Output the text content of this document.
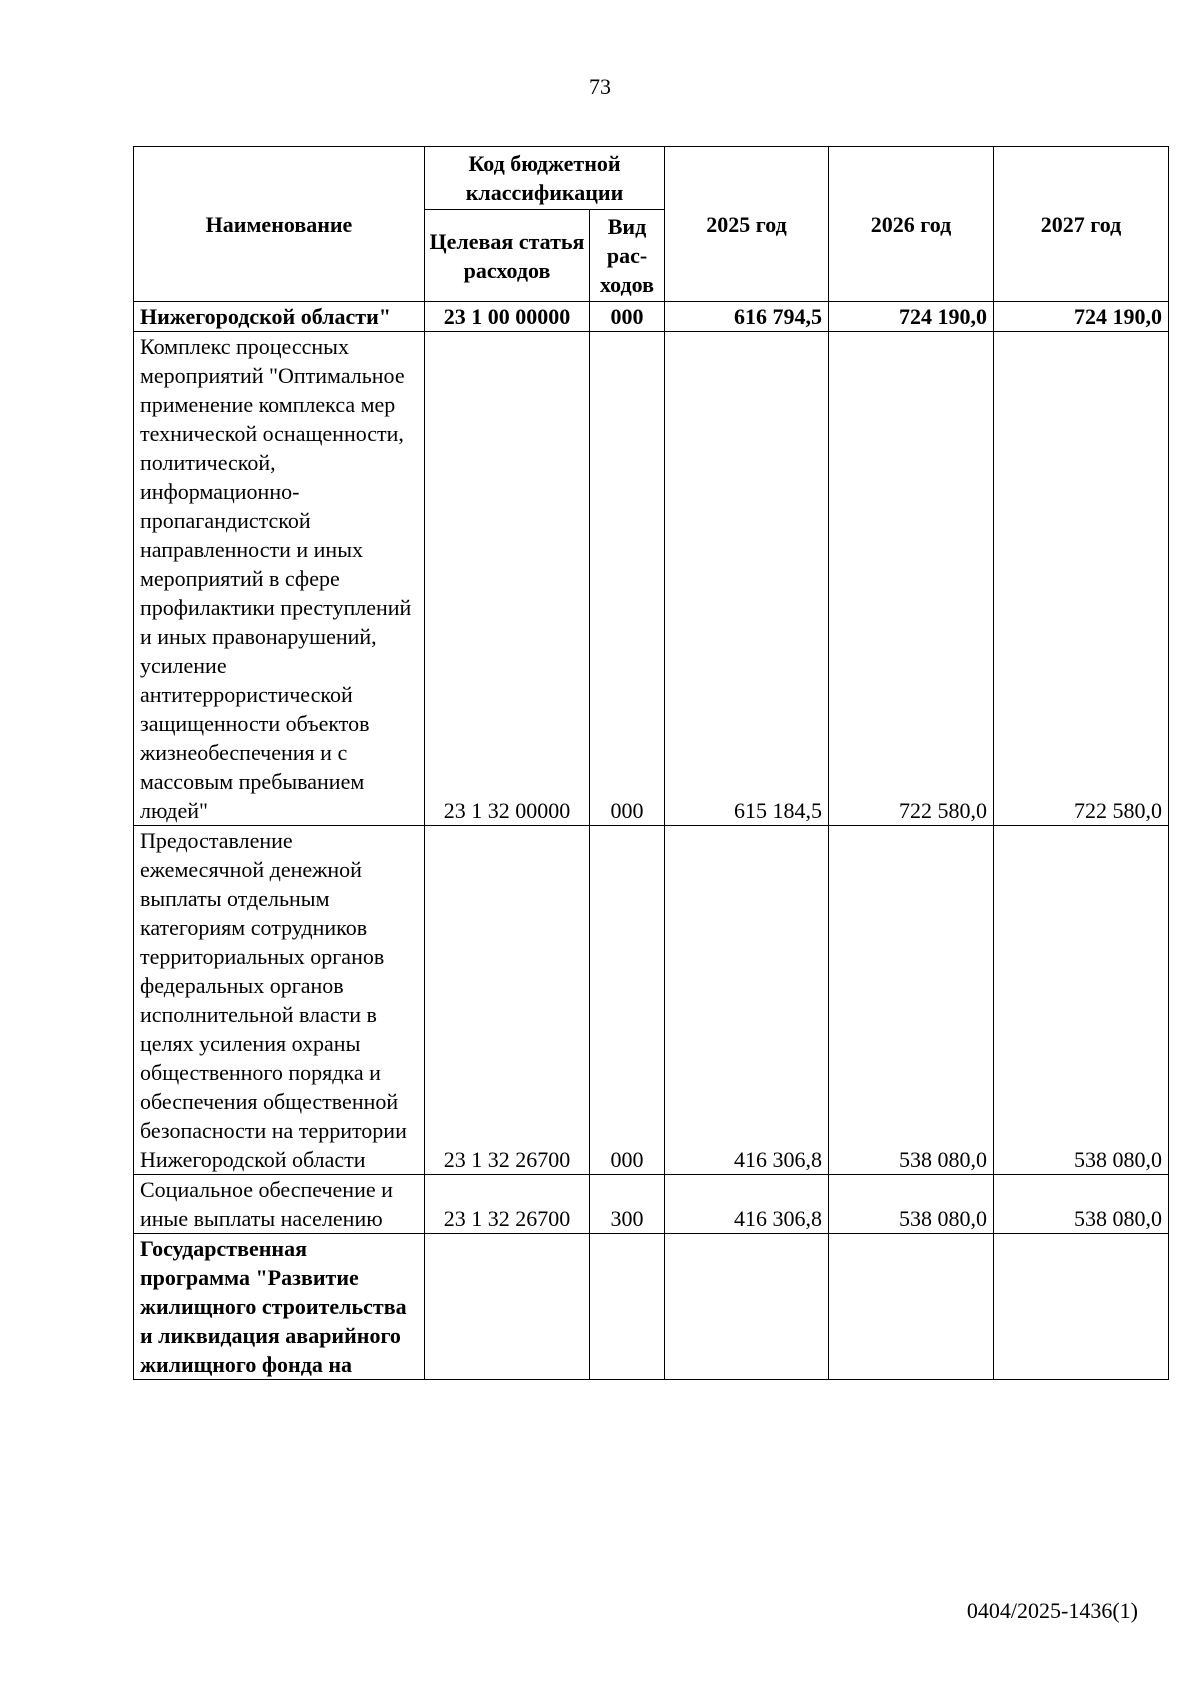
73
Наименование	Код бюджетной классификации		2025 год	2026 год	2027 год
	Целевая статья расходов	Вид рас-ходов			
Нижегородской области"	23 1 00 00000	000	616 794,5	724 190,0	724 190,0
Комплекс процессных мероприятий "Оптимальное применение комплекса мер технической оснащенности, политической, информационно-пропагандистской направленности и иных мероприятий в сфере профилактики преступлений и иных правонарушений, усиление антитеррористической защищенности объектов жизнеобеспечения и с массовым пребыванием людей"	23 1 32 00000	000	615 184,5	722 580,0	722 580,0
Предоставление ежемесячной денежной выплаты отдельным категориям сотрудников территориальных органов федеральных органов исполнительной власти в целях усиления охраны общественного порядка и обеспечения общественной безопасности на территории Нижегородской области	23 1 32 26700	000	416 306,8	538 080,0	538 080,0
Социальное обеспечение и иные выплаты населению	23 1 32 26700	300	416 306,8	538 080,0	538 080,0
Государственная программа "Развитие жилищного строительства и ликвидация аварийного жилищного фонда на					
0404/2025-1436(1)
